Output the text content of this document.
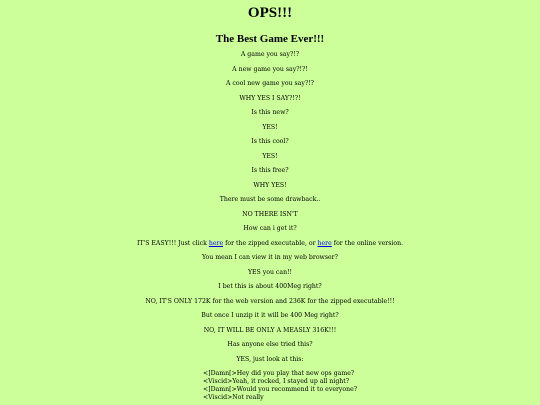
OPS!!!
The Best Game Ever!!!
A game you say?!?
A new game you say?!?!
A cool new game you say?!?
WHY YES I SAY?!?!
Is this new?
YES!
Is this cool?
YES!
Is this free?
WHY YES!
There must be some drawback..
NO THERE ISN'T
How can i get it?
IT'S EASY!!! Just click here for the zipped executable, or here for the online version.
You mean I can view it in my web browser?
YES you can!!
I bet this is about 400Meg right?
NO, IT'S ONLY 172K for the web version and 236K for the zipped executable!!!
But once I unzip it it will be 400 Meg right?
NO, IT WILL BE ONLY A MEASLY 316K!!!
Has anyone else tried this?
YES, just look at this:
<]Damn[>Hey did you play that new ops game?
<Viscid>Yeah, it rocked, I stayed up all night?
<]Damn[>Would you recommend it to everyone?
<Viscid>Not really
